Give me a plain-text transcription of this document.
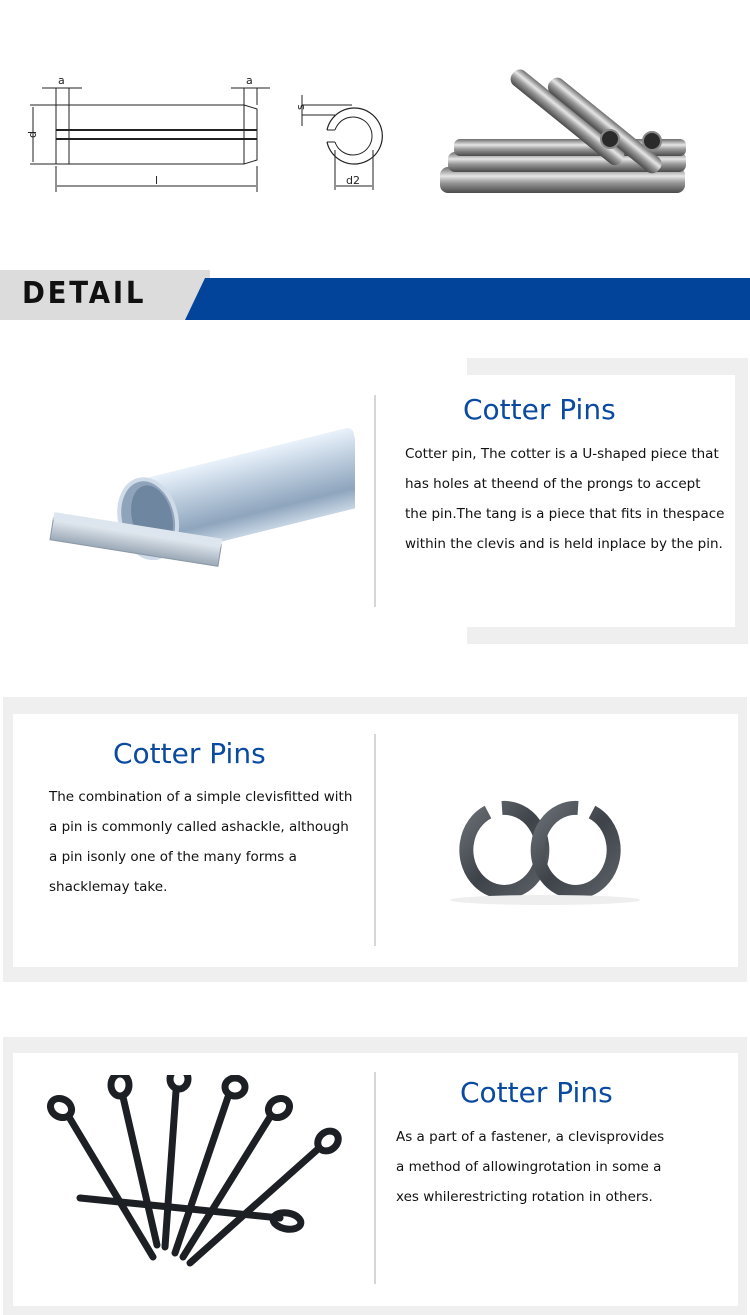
a	a
d
l
s
d2
DETAIL
Cotter Pins
Cotter pin, The cotter is a U-shaped piece that
has holes at theend of the prongs to accept
the pin.The tang is a piece that fits in thespace
within the clevis and is held inplace by the pin.
Cotter Pins
The combination of a simple clevisfitted with
a pin is commonly called ashackle, although
a pin isonly one of the many forms a
shacklemay take.
Cotter Pins
As a part of a fastener, a clevisprovides
a method of allowingrotation in some a
xes whilerestricting rotation in others.
